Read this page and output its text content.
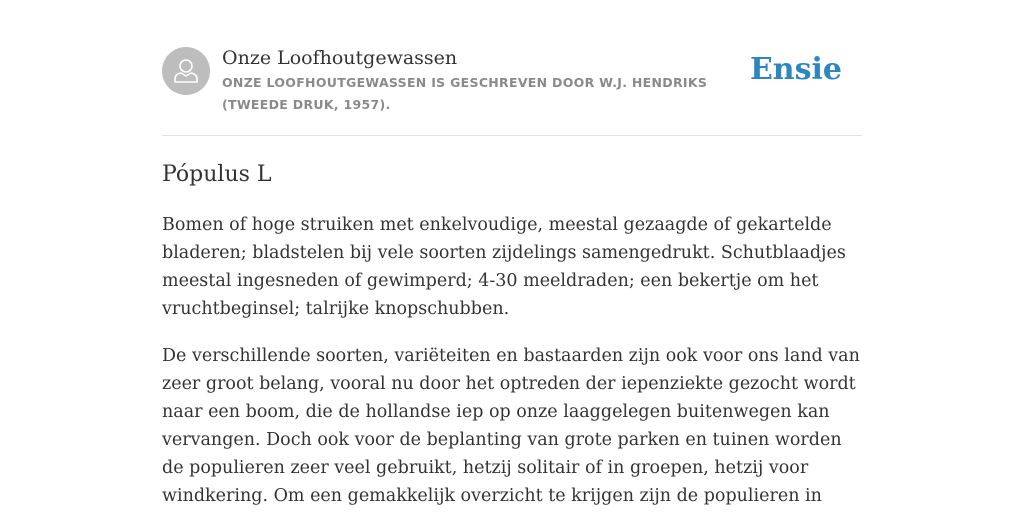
Onze Loofhoutgewassen
ONZE LOOFHOUTGEWASSEN IS GESCHREVEN DOOR W.J. HENDRIKS (TWEEDE DRUK, 1957).
Ensie
Pópulus L

Bomen of hoge struiken met enkelvoudige, meestal gezaagde of gekartelde bladeren; bladstelen bij vele soorten zijdelings samengedrukt. Schutblaadjes meestal ingesneden of gewimperd; 4-30 meeldraden; een bekertje om het vruchtbeginsel; talrijke knopschubben.

De verschillende soorten, variëteiten en bastaarden zijn ook voor ons land van zeer groot belang, vooral nu door het optreden der iepenziekte gezocht wordt naar een boom, die de hollandse iep op onze laaggelegen buitenwegen kan vervangen. Doch ook voor de beplanting van grote parken en tuinen worden de populieren zeer veel gebruikt, hetzij solitair of in groepen, hetzij voor windkering. Om een gemakkelijk overzicht te krijgen zijn de populieren in
